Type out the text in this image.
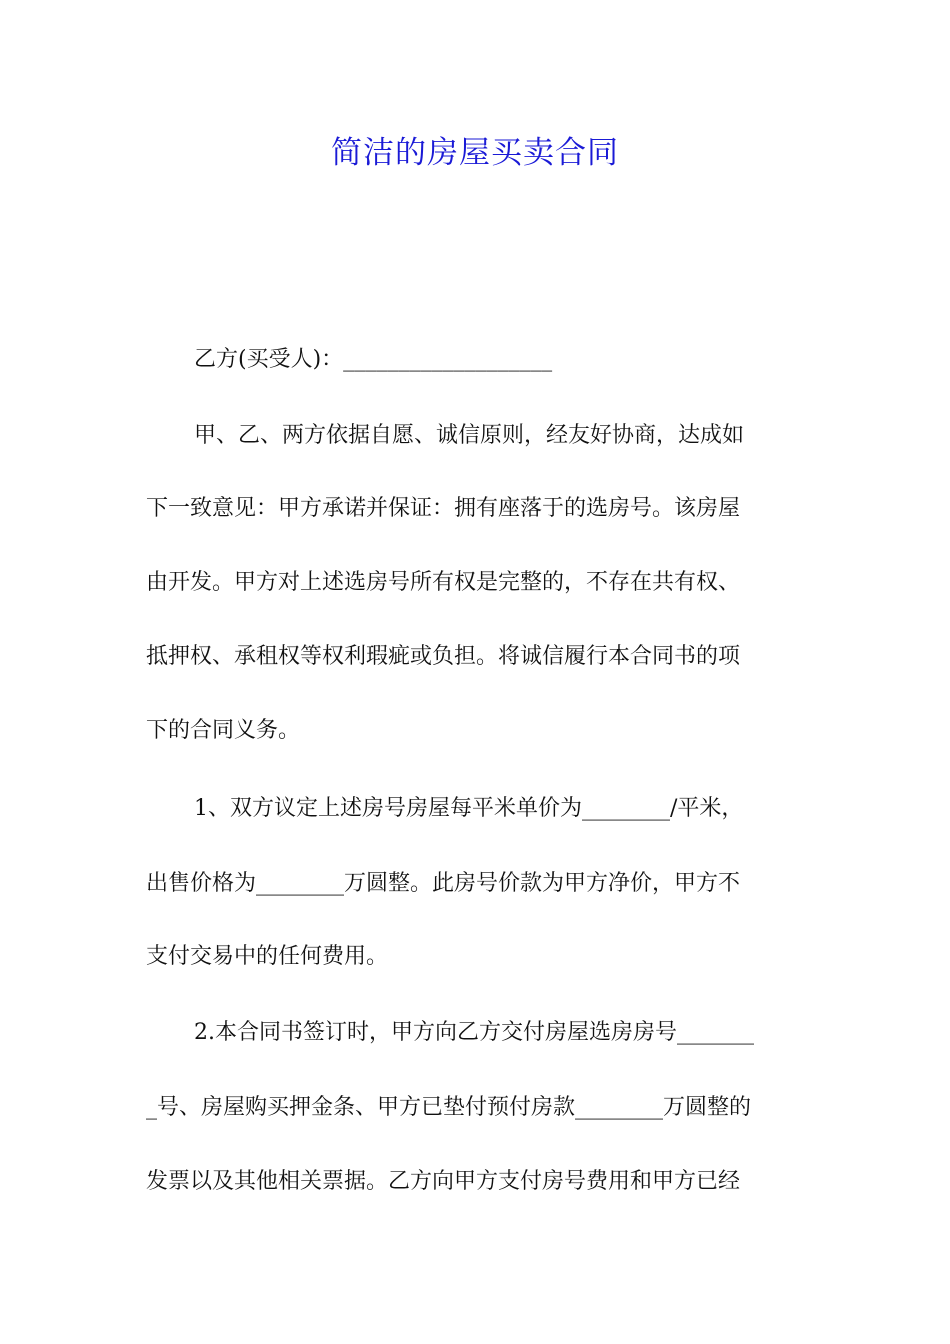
简洁的房屋买卖合同
乙方(买受人)：___________________
甲、乙、两方依据自愿、诚信原则，经友好协商，达成如
下一致意见：甲方承诺并保证：拥有座落于的选房号。该房屋
由开发。甲方对上述选房号所有权是完整的，不存在共有权、
抵押权、承租权等权利瑕疵或负担。将诚信履行本合同书的项
下的合同义务。
1、双方议定上述房号房屋每平米单价为________/平米，
出售价格为________万圆整。此房号价款为甲方净价，甲方不
支付交易中的任何费用。
2.本合同书签订时，甲方向乙方交付房屋选房房号_______
_号、房屋购买押金条、甲方已垫付预付房款________万圆整的
发票以及其他相关票据。乙方向甲方支付房号费用和甲方已经
